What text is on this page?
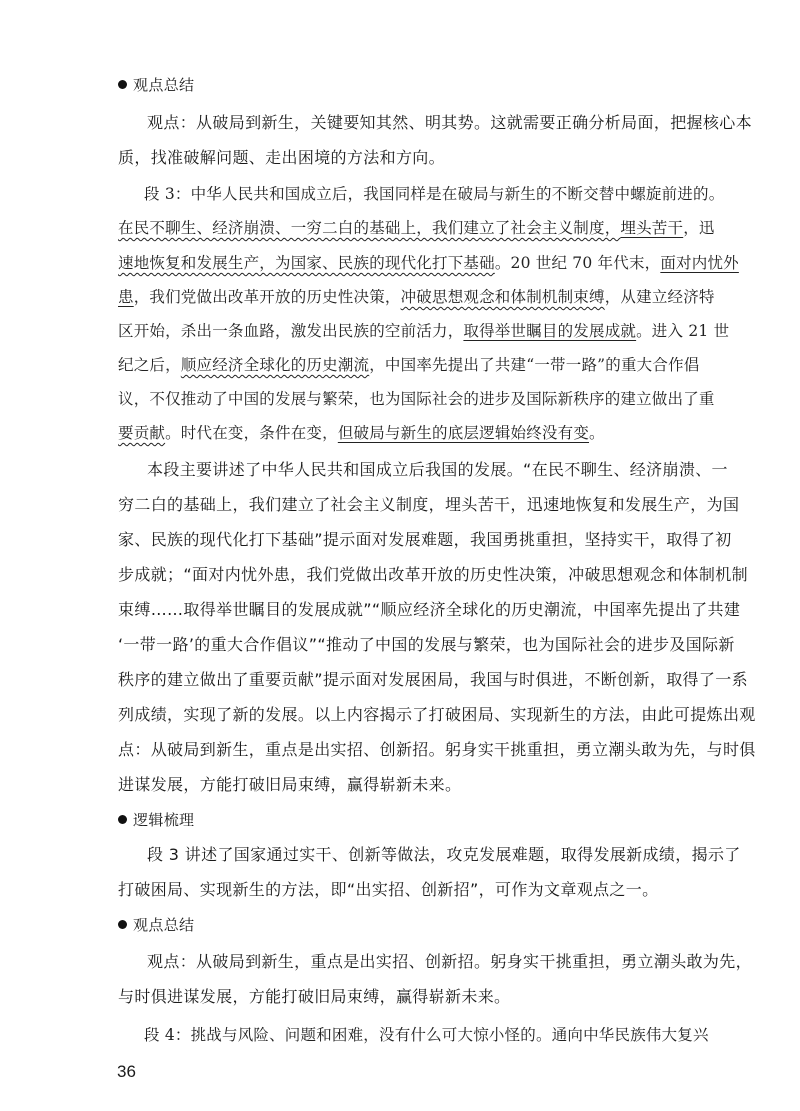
观点总结
观点：从破局到新生，关键要知其然、明其势。这就需要正确分析局面，把握核心本
质，找准破解问题、走出困境的方法和方向。
段 3：中华人民共和国成立后，我国同样是在破局与新生的不断交替中螺旋前进的。
在民不聊生、经济崩溃、一穷二白的基础上，我们建立了社会主义制度，埋头苦干，迅
速地恢复和发展生产，为国家、民族的现代化打下基础。20 世纪 70 年代末，面对内忧外
患，我们党做出改革开放的历史性决策，冲破思想观念和体制机制束缚，从建立经济特
区开始，杀出一条血路，激发出民族的空前活力，取得举世瞩目的发展成就。进入 21 世
纪之后，顺应经济全球化的历史潮流，中国率先提出了共建“一带一路”的重大合作倡
议，不仅推动了中国的发展与繁荣，也为国际社会的进步及国际新秩序的建立做出了重
要贡献。时代在变，条件在变，但破局与新生的底层逻辑始终没有变。
本段主要讲述了中华人民共和国成立后我国的发展。“在民不聊生、经济崩溃、一
穷二白的基础上，我们建立了社会主义制度，埋头苦干，迅速地恢复和发展生产，为国
家、民族的现代化打下基础”提示面对发展难题，我国勇挑重担，坚持实干，取得了初
步成就；“面对内忧外患，我们党做出改革开放的历史性决策，冲破思想观念和体制机制
束缚……取得举世瞩目的发展成就”“顺应经济全球化的历史潮流，中国率先提出了共建
‘一带一路’的重大合作倡议”“推动了中国的发展与繁荣，也为国际社会的进步及国际新
秩序的建立做出了重要贡献”提示面对发展困局，我国与时俱进，不断创新，取得了一系
列成绩，实现了新的发展。以上内容揭示了打破困局、实现新生的方法，由此可提炼出观
点：从破局到新生，重点是出实招、创新招。躬身实干挑重担，勇立潮头敢为先，与时俱
进谋发展，方能打破旧局束缚，赢得崭新未来。
逻辑梳理
段 3 讲述了国家通过实干、创新等做法，攻克发展难题，取得发展新成绩，揭示了
打破困局、实现新生的方法，即“出实招、创新招”，可作为文章观点之一。
观点总结
观点：从破局到新生，重点是出实招、创新招。躬身实干挑重担，勇立潮头敢为先，
与时俱进谋发展，方能打破旧局束缚，赢得崭新未来。
段 4：挑战与风险、问题和困难，没有什么可大惊小怪的。通向中华民族伟大复兴
36
